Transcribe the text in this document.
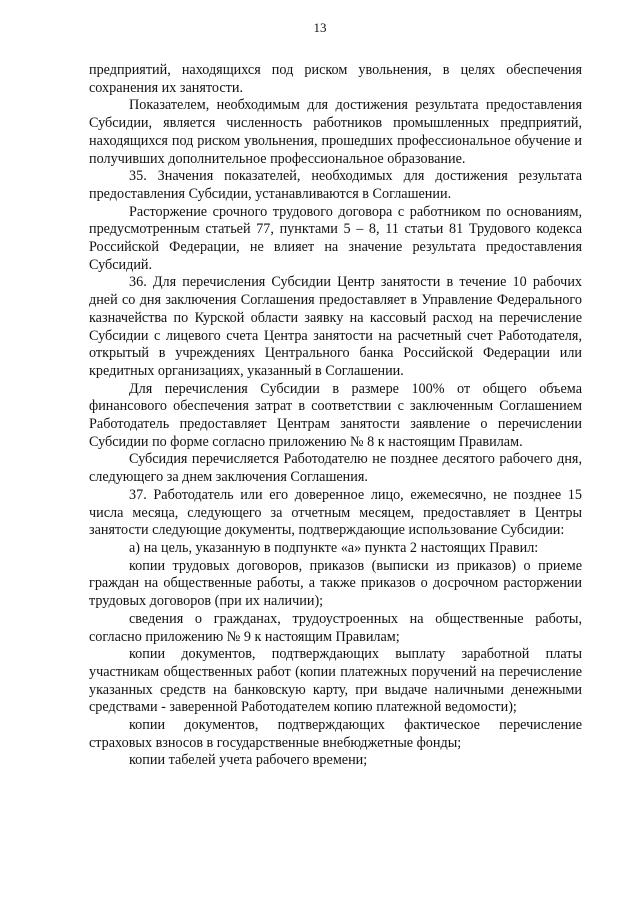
13

предприятий, находящихся под риском увольнения, в целях обеспечения сохранения их занятости.

Показателем, необходимым для достижения результата предоставления Субсидии, является численность работников промышленных предприятий, находящихся под риском увольнения, прошедших профессиональное обучение и получивших дополнительное профессиональное образование.

35. Значения показателей, необходимых для достижения результата предоставления Субсидии, устанавливаются в Соглашении.

Расторжение срочного трудового договора с работником по основаниям, предусмотренным статьей 77, пунктами 5 – 8, 11 статьи 81 Трудового кодекса Российской Федерации, не влияет на значение результата предоставления Субсидий.

36. Для перечисления Субсидии Центр занятости в течение 10 рабочих дней со дня заключения Соглашения предоставляет в Управление Федерального казначейства по Курской области заявку на кассовый расход на перечисление Субсидии с лицевого счета Центра занятости на расчетный счет Работодателя, открытый в учреждениях Центрального банка Российской Федерации или кредитных организациях, указанный в Соглашении.

Для перечисления Субсидии в размере 100% от общего объема финансового обеспечения затрат в соответствии с заключенным Соглашением Работодатель предоставляет Центрам занятости заявление о перечислении Субсидии по форме согласно приложению № 8 к настоящим Правилам.

Субсидия перечисляется Работодателю не позднее десятого рабочего дня, следующего за днем заключения Соглашения.

37. Работодатель или его доверенное лицо, ежемесячно, не позднее 15 числа месяца, следующего за отчетным месяцем, предоставляет в Центры занятости следующие документы, подтверждающие использование Субсидии:

а) на цель, указанную в подпункте «а» пункта 2 настоящих Правил:

копии трудовых договоров, приказов (выписки из приказов) о приеме граждан на общественные работы, а также приказов о досрочном расторжении трудовых договоров (при их наличии);

сведения о гражданах, трудоустроенных на общественные работы, согласно приложению № 9 к настоящим Правилам;

копии документов, подтверждающих выплату заработной платы участникам общественных работ (копии платежных поручений на перечисление указанных средств на банковскую карту, при выдаче наличными денежными средствами - заверенной Работодателем копию платежной ведомости);

копии документов, подтверждающих фактическое перечисление страховых взносов в государственные внебюджетные фонды;

копии табелей учета рабочего времени;
